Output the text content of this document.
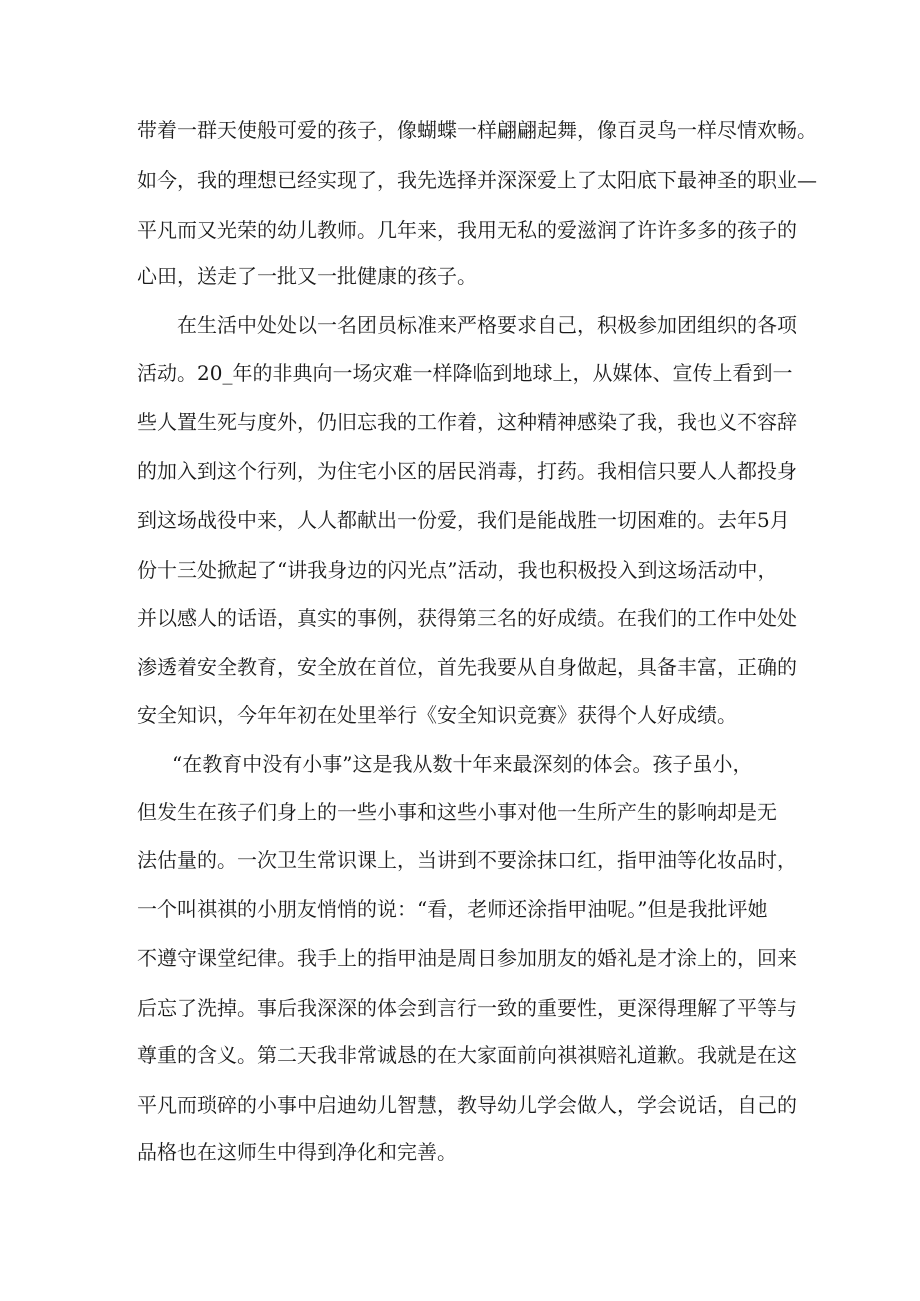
带着一群天使般可爱的孩子，像蝴蝶一样翩翩起舞，像百灵鸟一样尽情欢畅。
如今，我的理想已经实现了，我先选择并深深爱上了太阳底下最神圣的职业—
平凡而又光荣的幼儿教师。几年来，我用无私的爱滋润了许许多多的孩子的
心田，送走了一批又一批健康的孩子。
在生活中处处以一名团员标准来严格要求自己，积极参加团组织的各项
活动。20_年的非典向一场灾难一样降临到地球上，从媒体、宣传上看到一
些人置生死与度外，仍旧忘我的工作着，这种精神感染了我，我也义不容辞
的加入到这个行列，为住宅小区的居民消毒，打药。我相信只要人人都投身
到这场战役中来，人人都献出一份爱，我们是能战胜一切困难的。去年5月
份十三处掀起了“讲我身边的闪光点”活动，我也积极投入到这场活动中，
并以感人的话语，真实的事例，获得第三名的好成绩。在我们的工作中处处
渗透着安全教育，安全放在首位，首先我要从自身做起，具备丰富，正确的
安全知识，今年年初在处里举行《安全知识竞赛》获得个人好成绩。
“在教育中没有小事”这是我从数十年来最深刻的体会。孩子虽小，
但发生在孩子们身上的一些小事和这些小事对他一生所产生的影响却是无
法估量的。一次卫生常识课上，当讲到不要涂抹口红，指甲油等化妆品时，
一个叫祺祺的小朋友悄悄的说：“看，老师还涂指甲油呢。”但是我批评她
不遵守课堂纪律。我手上的指甲油是周日参加朋友的婚礼是才涂上的，回来
后忘了洗掉。事后我深深的体会到言行一致的重要性，更深得理解了平等与
尊重的含义。第二天我非常诚恳的在大家面前向祺祺赔礼道歉。我就是在这
平凡而琐碎的小事中启迪幼儿智慧，教导幼儿学会做人，学会说话，自己的
品格也在这师生中得到净化和完善。
